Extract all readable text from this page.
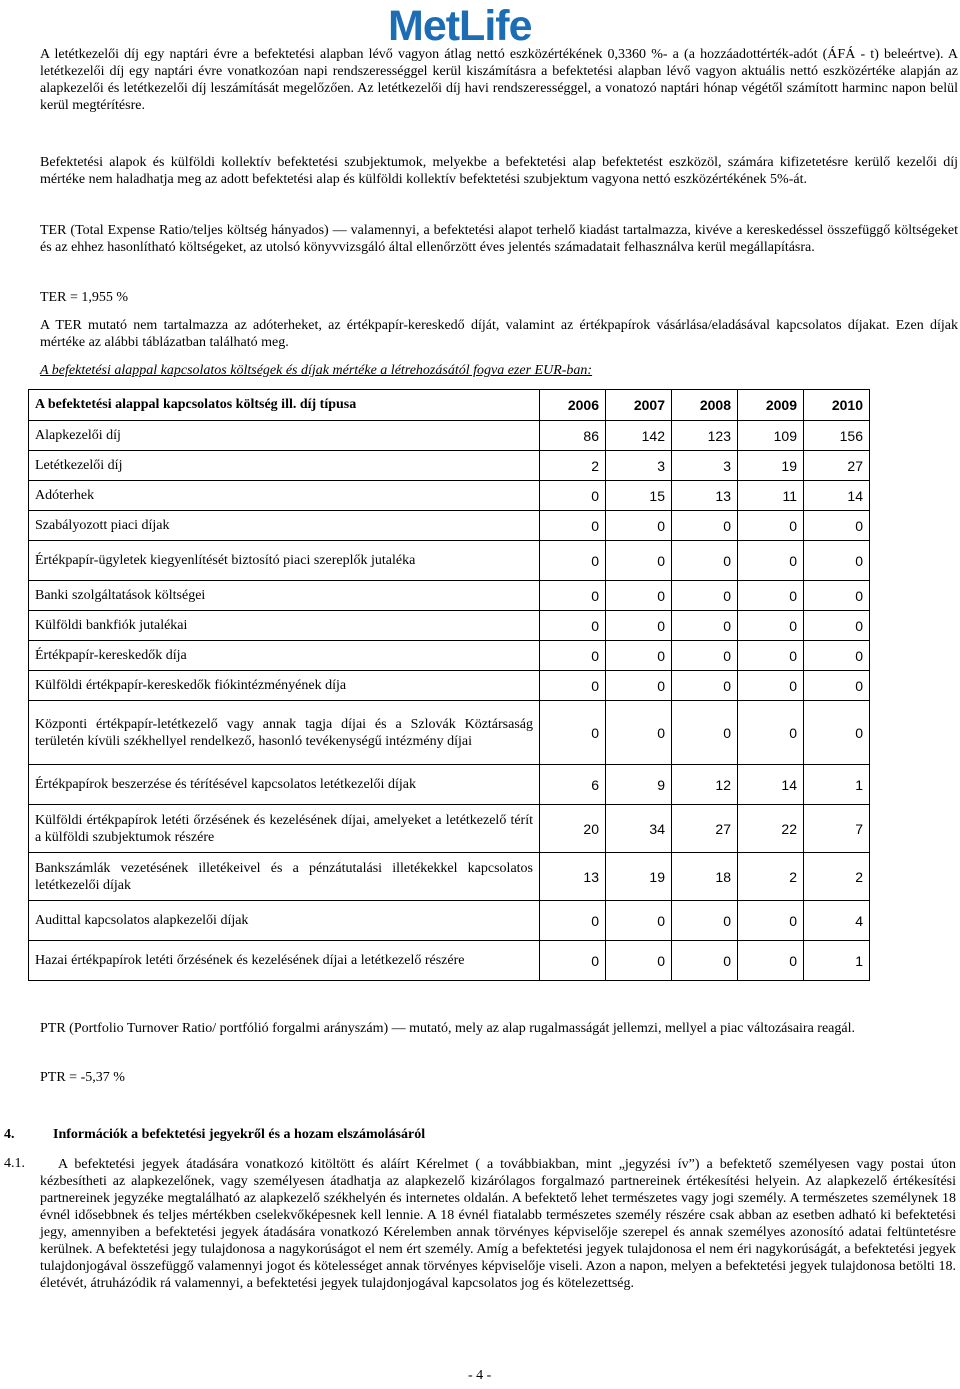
MetLife

A letétkezelői díj egy naptári évre a befektetési alapban lévő vagyon átlag nettó eszközértékének 0,3360 %- a (a hozzáadottérték-adót (ÁFÁ - t) beleértve). A letétkezelői díj egy naptári évre vonatkozóan napi rendszerességgel kerül kiszámításra a befektetési alapban lévő vagyon aktuális nettó eszközértéke alapján az alapkezelői és letétkezelői díj leszámítását megelőzően. Az letétkezelői díj havi rendszerességgel, a vonatozó naptári hónap végétől számított harminc napon belül kerül megtérítésre.

Befektetési alapok és külföldi kollektív befektetési szubjektumok, melyekbe a befektetési alap befektetést eszközöl, számára kifizetetésre kerülő kezelői díj mértéke nem haladhatja meg az adott befektetési alap és külföldi kollektív befektetési szubjektum vagyona nettó eszközértékének 5%-át.

TER (Total Expense Ratio/teljes költség hányados) — valamennyi, a befektetési alapot terhelő kiadást tartalmazza, kivéve a kereskedéssel összefüggő költségeket és az ehhez hasonlítható költségeket, az utolsó könyvvizsgáló által ellenőrzött éves jelentés számadatait felhasználva kerül megállapításra.

TER = 1,955 %

A TER mutató nem tartalmazza az adóterheket, az értékpapír-kereskedő díját, valamint az értékpapírok vásárlása/eladásával kapcsolatos díjakat. Ezen díjak mértéke az alábbi táblázatban található meg.

A befektetési alappal kapcsolatos költségek és díjak mértéke a létrehozásától fogva ezer EUR-ban:

A befektetési alappal kapcsolatos költség ill. díj típusa	2006	2007	2008	2009	2010
Alapkezelői díj	86	142	123	109	156
Letétkezelői díj	2	3	3	19	27
Adóterhek	0	15	13	11	14
Szabályozott piaci díjak	0	0	0	0	0
Értékpapír-ügyletek kiegyenlítését biztosító piaci szereplők jutaléka	0	0	0	0	0
Banki szolgáltatások költségei	0	0	0	0	0
Külföldi bankfiók jutalékai	0	0	0	0	0
Értékpapír-kereskedők díja	0	0	0	0	0
Külföldi értékpapír-kereskedők fiókintézményének díja	0	0	0	0	0
Központi értékpapír-letétkezelő vagy annak tagja díjai és a Szlovák Köztársaság területén kívüli székhellyel rendelkező, hasonló tevékenységű intézmény díjai	0	0	0	0	0
Értékpapírok beszerzése és térítésével kapcsolatos letétkezelői díjak	6	9	12	14	1
Külföldi értékpapírok letéti őrzésének és kezelésének díjai, amelyeket a letétkezelő térít a külföldi szubjektumok részére	20	34	27	22	7
Bankszámlák vezetésének illetékeivel és a pénzátutalási illetékekkel kapcsolatos letétkezelői díjak	13	19	18	2	2
Audittal kapcsolatos alapkezelői díjak	0	0	0	0	4
Hazai értékpapírok letéti őrzésének és kezelésének díjai a letétkezelő részére	0	0	0	0	1

PTR (Portfolio Turnover Ratio/ portfólió forgalmi arányszám) — mutató, mely az alap rugalmasságát jellemzi, mellyel a piac változásaira reagál.

PTR = -5,37 %

4.	Információk a befektetési jegyekről és a hozam elszámolásáról
4.1.	A befektetési jegyek átadására vonatkozó kitöltött és aláírt Kérelmet ( a továbbiakban, mint „jegyzési ív”) a befektető személyesen vagy postai úton kézbesítheti az alapkezelőnek, vagy személyesen átadhatja az alapkezelő kizárólagos forgalmazó partnereinek értékesítési helyein. Az alapkezelő értékesítési partnereinek jegyzéke megtalálható az alapkezelő székhelyén és internetes oldalán. A befektető lehet természetes vagy jogi személy. A természetes személynek 18 évnél idősebbnek és teljes mértékben cselekvőképesnek kell lennie. A 18 évnél fiatalabb természetes személy részére csak abban az esetben adható ki befektetési jegy, amennyiben a befektetési jegyek átadására vonatkozó Kérelemben annak törvényes képviselője szerepel és annak személyes azonosító adatai feltüntetésre kerülnek. A befektetési jegy tulajdonosa a nagykorúságot el nem ért személy. Amíg a befektetési jegyek tulajdonosa el nem éri nagykorúságát, a befektetési jegyek tulajdonjogával összefüggő valamennyi jogot és kötelességet annak törvényes képviselője viseli. Azon a napon, melyen a befektetési jegyek tulajdonosa betölti 18. életévét, átruházódik rá valamennyi, a befektetési jegyek tulajdonjogával kapcsolatos jog és kötelezettség.

- 4 -
